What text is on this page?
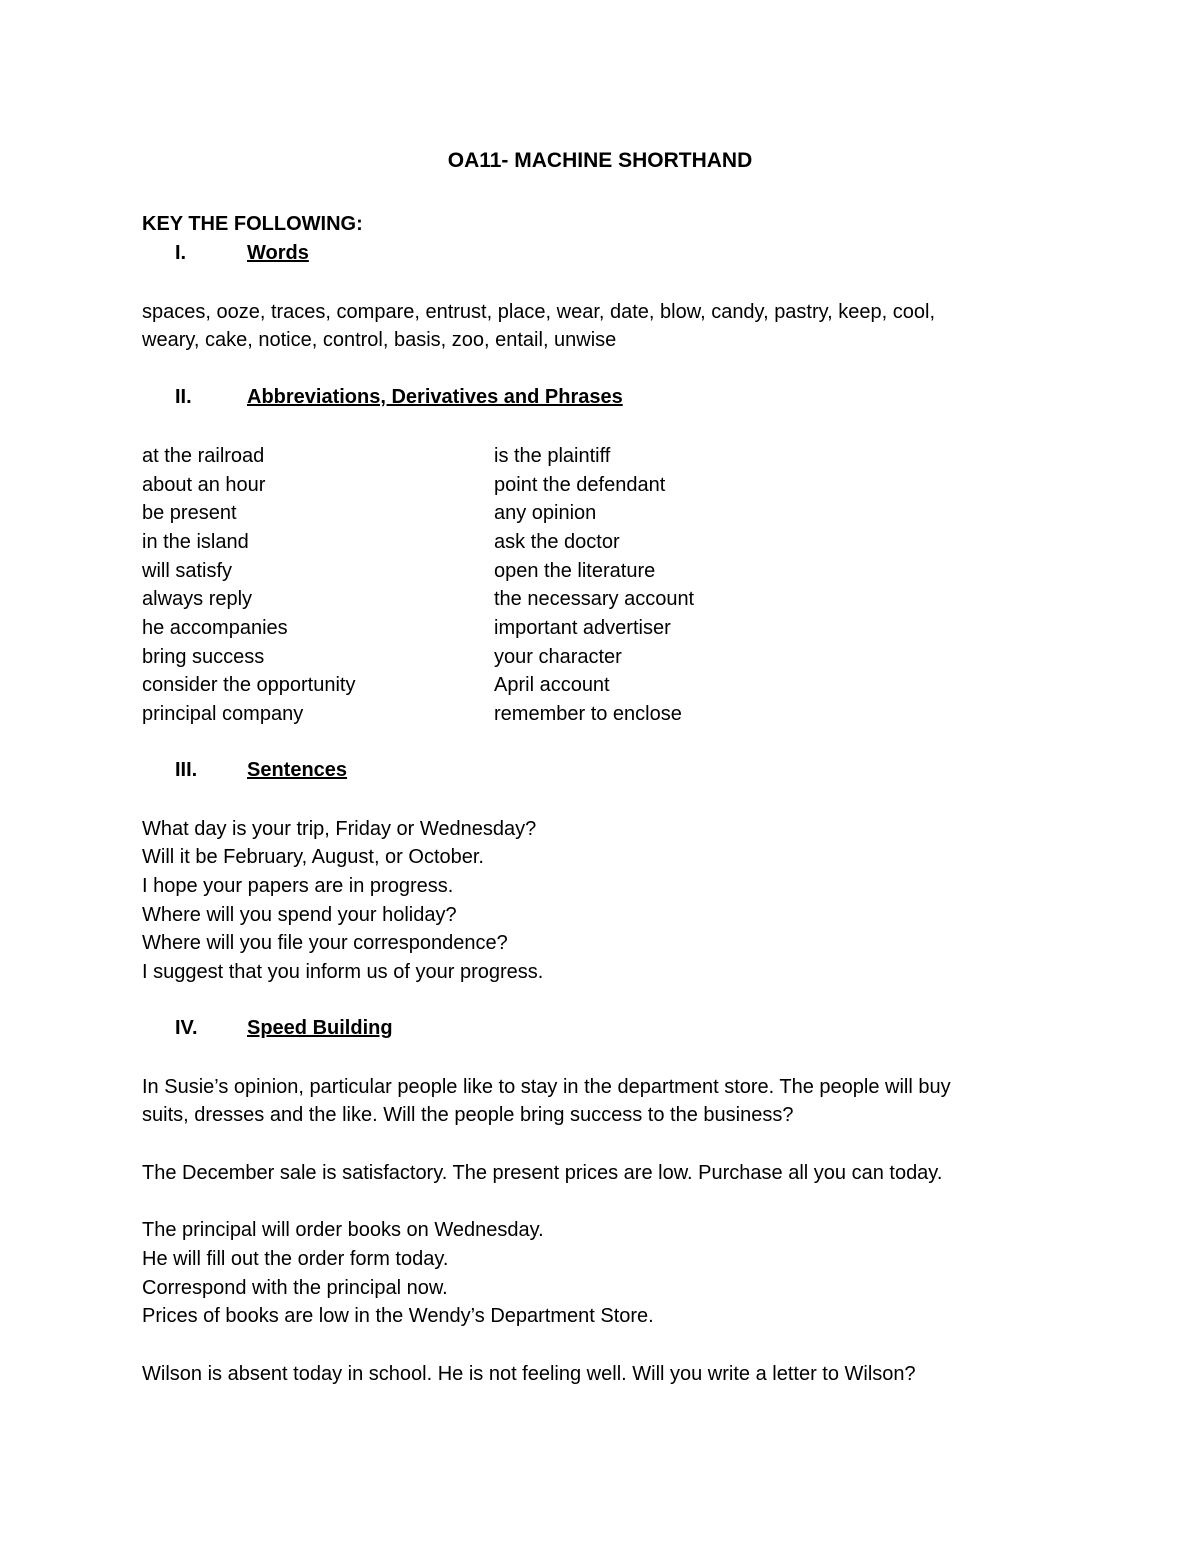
OA11- MACHINE SHORTHAND
KEY THE FOLLOWING:
I.	Words
spaces, ooze, traces, compare, entrust, place, wear, date, blow, candy, pastry, keep, cool,
weary, cake, notice, control, basis, zoo, entail, unwise
II.	Abbreviations, Derivatives and Phrases
at the railroad
about an hour
be present
in the island
will satisfy
always reply
he accompanies
bring success
consider the opportunity
principal company
is the plaintiff
point the defendant
any opinion
ask the doctor
open the literature
the necessary account
important advertiser
your character
April account
remember to enclose
III. Sentences
What day is your trip, Friday or Wednesday?
Will it be February, August, or October.
I hope your papers are in progress.
Where will you spend your holiday?
Where will you file your correspondence?
I suggest that you inform us of your progress.
IV. Speed Building
In Susie’s opinion, particular people like to stay in the department store. The people will buy
suits, dresses and the like. Will the people bring success to the business?
The December sale is satisfactory. The present prices are low. Purchase all you can today.
The principal will order books on Wednesday.
He will fill out the order form today.
Correspond with the principal now.
Prices of books are low in the Wendy’s Department Store.
Wilson is absent today in school. He is not feeling well. Will you write a letter to Wilson?
